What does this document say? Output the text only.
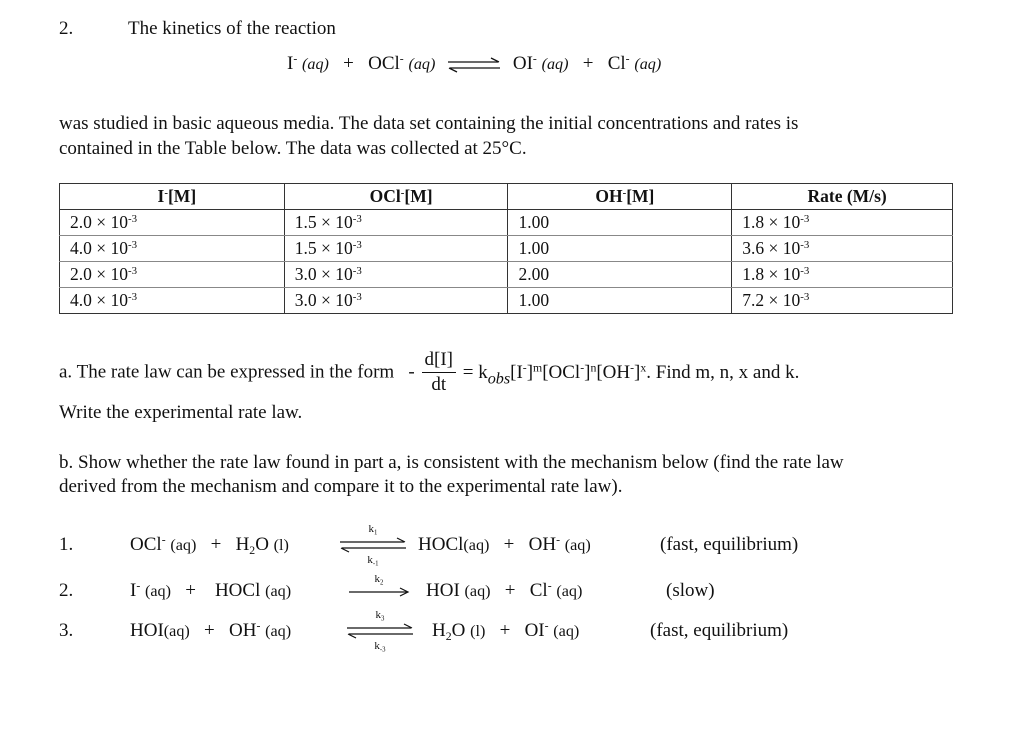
2.	The kinetics of the reaction
I- (aq) + OCl- (aq) ⇌ OI- (aq) + Cl- (aq)
was studied in basic aqueous media. The data set containing the initial concentrations and rates is
contained in the Table below. The data was collected at 25°C.
I-[M]	OCl-[M]	OH-[M]	Rate (M/s)
$2.0 \times 10^{-3}$	$1.5 \times 10^{-3}$	1.00	$1.8 \times 10^{-3}$
$4.0 \times 10^{-3}$	$1.5 \times 10^{-3}$	1.00	$3.6 \times 10^{-3}$
$2.0 \times 10^{-3}$	$3.0 \times 10^{-3}$	2.00	$1.8 \times 10^{-3}$
$4.0 \times 10^{-3}$	$3.0 \times 10^{-3}$	1.00	$7.2 \times 10^{-3}$
a. The rate law can be expressed in the form - $\frac{d[I]}{dt} = k_{obs}[I^-]^m[OCl^-]^n[OH^-]^x$. Find m, n, x and k.
Write the experimental rate law.
b. Show whether the rate law found in part a, is consistent with the mechanism below (find the rate law
derived from the mechanism and compare it to the experimental rate law).
1.	OCl- $(aq) + H_2O$ (l)
$k_1$
$k_{-1}$
HOCl(aq) + OH- (aq)	(fast, equilibrium)
2.	I- (aq) + HOCl (aq)
$k_2$	HOI (aq) + Cl- (aq)	(slow)
3.	HOI(aq) + OH- (aq)
$k_3$
$k_{-3}$
$H_2O$ (l) + OI- (aq)	(fast, equilibrium)
